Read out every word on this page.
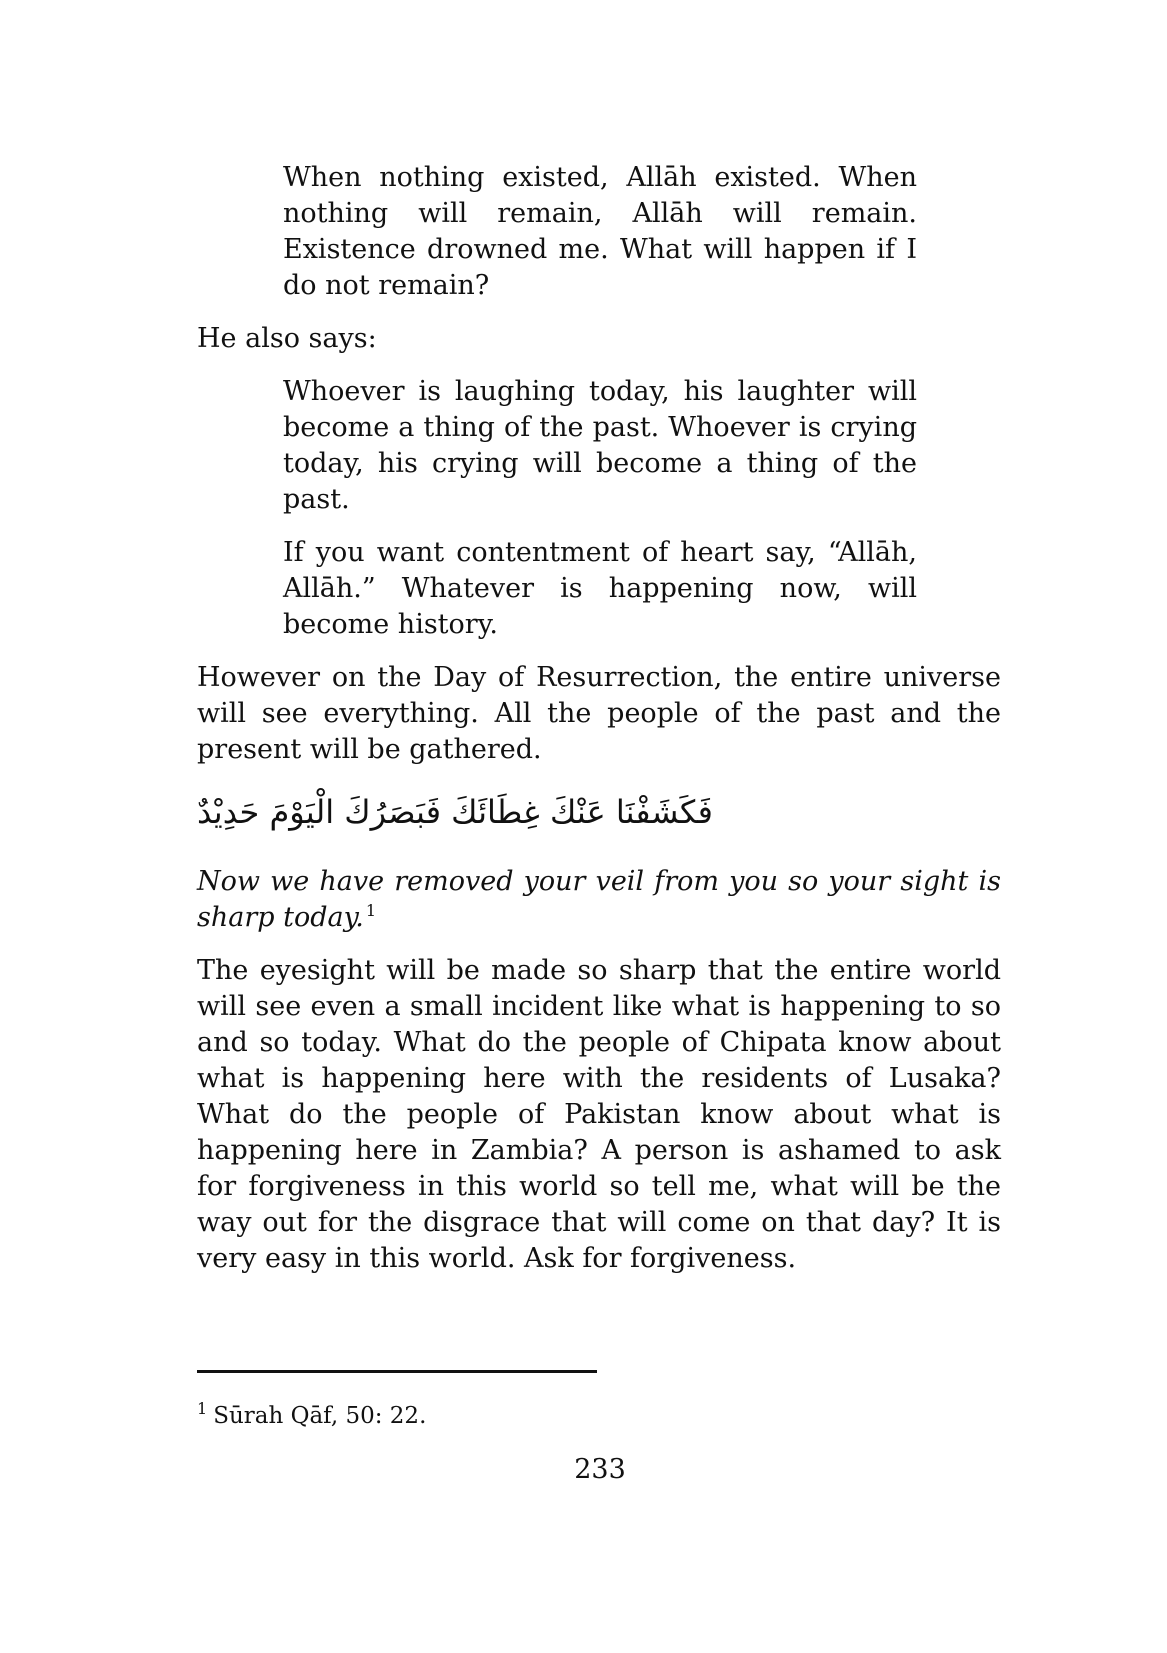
When nothing existed, Allāh existed. When nothing will remain, Allāh will remain. Existence drowned me. What will happen if I do not remain?

He also says:

Whoever is laughing today, his laughter will become a thing of the past. Whoever is crying today, his crying will become a thing of the past.

If you want contentment of heart say, “Allāh, Allāh.” Whatever is happening now, will become history.

However on the Day of Resurrection, the entire universe will see everything. All the people of the past and the present will be gathered.

فَكَشَفْنَا عَنْكَ غِطَائَكَ فَبَصَرُكَ الْيَوْمَ حَدِيْدٌ

Now we have removed your veil from you so your sight is sharp today. $^1$

The eyesight will be made so sharp that the entire world will see even a small incident like what is happening to so and so today. What do the people of Chipata know about what is happening here with the residents of Lusaka? What do the people of Pakistan know about what is happening here in Zambia? A person is ashamed to ask for forgiveness in this world so tell me, what will be the way out for the disgrace that will come on that day? It is very easy in this world. Ask for forgiveness.

$^1$ Sūrah Qāf, 50: 22.
233
